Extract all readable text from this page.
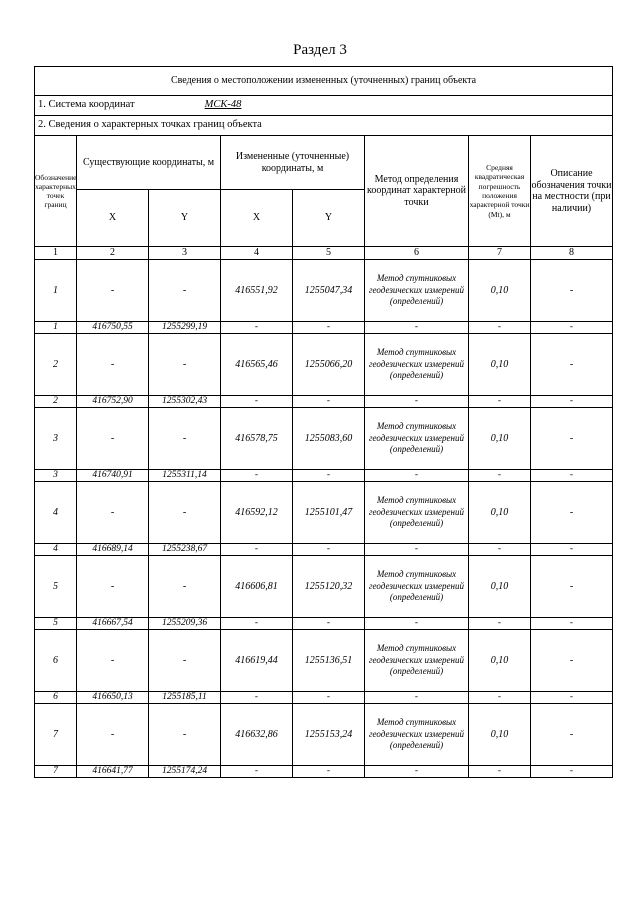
Раздел 3
Сведения о местоположении измененных (уточненных) границ объекта							
1. Система координат МСК-48							
2. Сведения о характерных точках границ объекта							
Обозначение характерных точек границ	Существующие координаты, м		Измененные (уточненные) координаты, м		Метод определения координат характерной точки	Средняя квадратическая погрешность положения характерной точки (Mt), м	Описание обозначения точки на местности (при наличии)
	X	Y	X	Y			
1	2	3	4	5	6	7	8
1	-	-	416551,92	1255047,34	Метод спутниковых геодезических измерений (определений)	0,10	-
1	416750,55	1255299,19	-	-	-	-	-
2	-	-	416565,46	1255066,20	Метод спутниковых геодезических измерений (определений)	0,10	-
2	416752,90	1255302,43	-	-	-	-	-
3	-	-	416578,75	1255083,60	Метод спутниковых геодезических измерений (определений)	0,10	-
3	416740,91	1255311,14	-	-	-	-	-
4	-	-	416592,12	1255101,47	Метод спутниковых геодезических измерений (определений)	0,10	-
4	416689,14	1255238,67	-	-	-	-	-
5	-	-	416606,81	1255120,32	Метод спутниковых геодезических измерений (определений)	0,10	-
5	416667,54	1255209,36	-	-	-	-	-
6	-	-	416619,44	1255136,51	Метод спутниковых геодезических измерений (определений)	0,10	-
6	416650,13	1255185,11	-	-	-	-	-
7	-	-	416632,86	1255153,24	Метод спутниковых геодезических измерений (определений)	0,10	-
7	416641,77	1255174,24	-	-	-	-	-
